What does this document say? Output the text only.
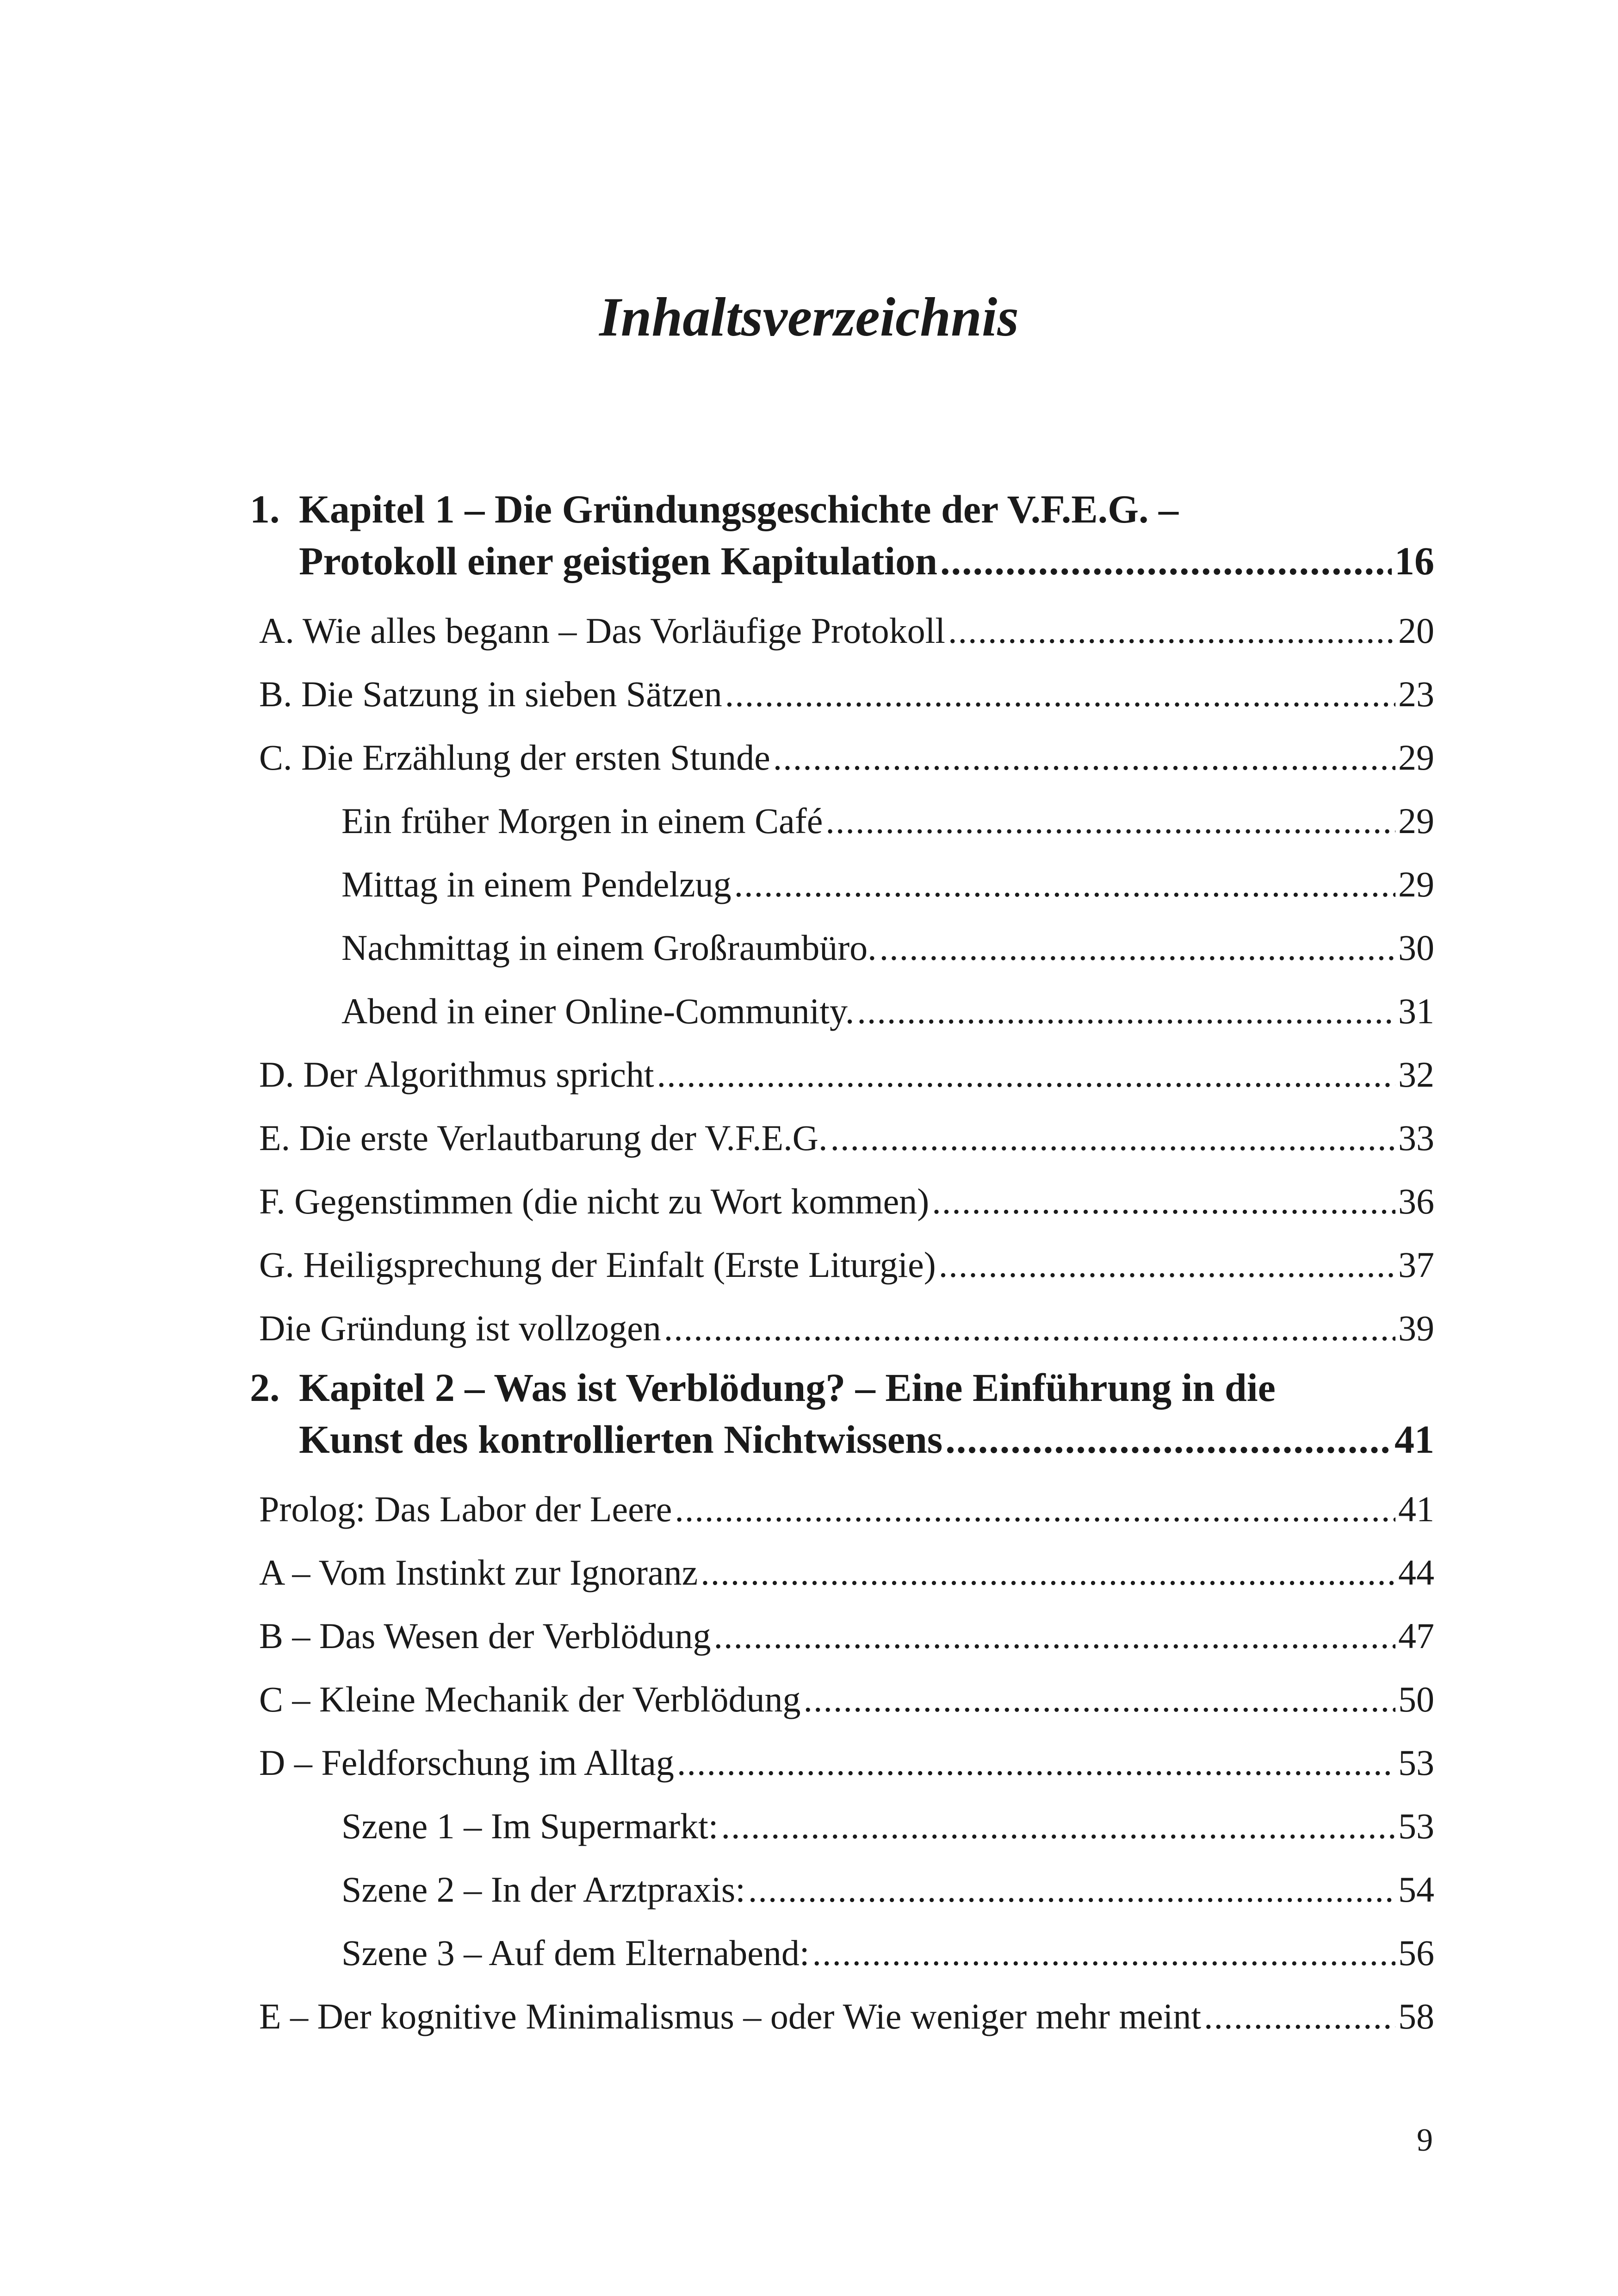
Inhaltsverzeichnis
1. Kapitel 1 – Die Gründungsgeschichte der V.F.E.G. –
Protokoll einer geistigen Kapitulation .....	16
A. Wie alles begann – Das Vorläufige Protokoll .....	20
B. Die Satzung in sieben Sätzen .....	23
C. Die Erzählung der ersten Stunde .....	29
Ein früher Morgen in einem Café .....	29
Mittag in einem Pendelzug .....	29
Nachmittag in einem Großraumbüro. .....	30
Abend in einer Online-Community. .....	31
D. Der Algorithmus spricht .....	32
E. Die erste Verlautbarung der V.F.E.G. .....	33
F. Gegenstimmen (die nicht zu Wort kommen) .....	36
G. Heiligsprechung der Einfalt (Erste Liturgie) .....	37
Die Gründung ist vollzogen .....	39
2. Kapitel 2 – Was ist Verblödung? – Eine Einführung in die
Kunst des kontrollierten Nichtwissens .....	41
Prolog: Das Labor der Leere .....	41
A – Vom Instinkt zur Ignoranz .....	44
B – Das Wesen der Verblödung .....	47
C – Kleine Mechanik der Verblödung .....	50
D – Feldforschung im Alltag .....	53
Szene 1 – Im Supermarkt: .....	53
Szene 2 – In der Arztpraxis: .....	54
Szene 3 – Auf dem Elternabend: .....	56
E – Der kognitive Minimalismus – oder Wie weniger mehr meint .....	58
9
